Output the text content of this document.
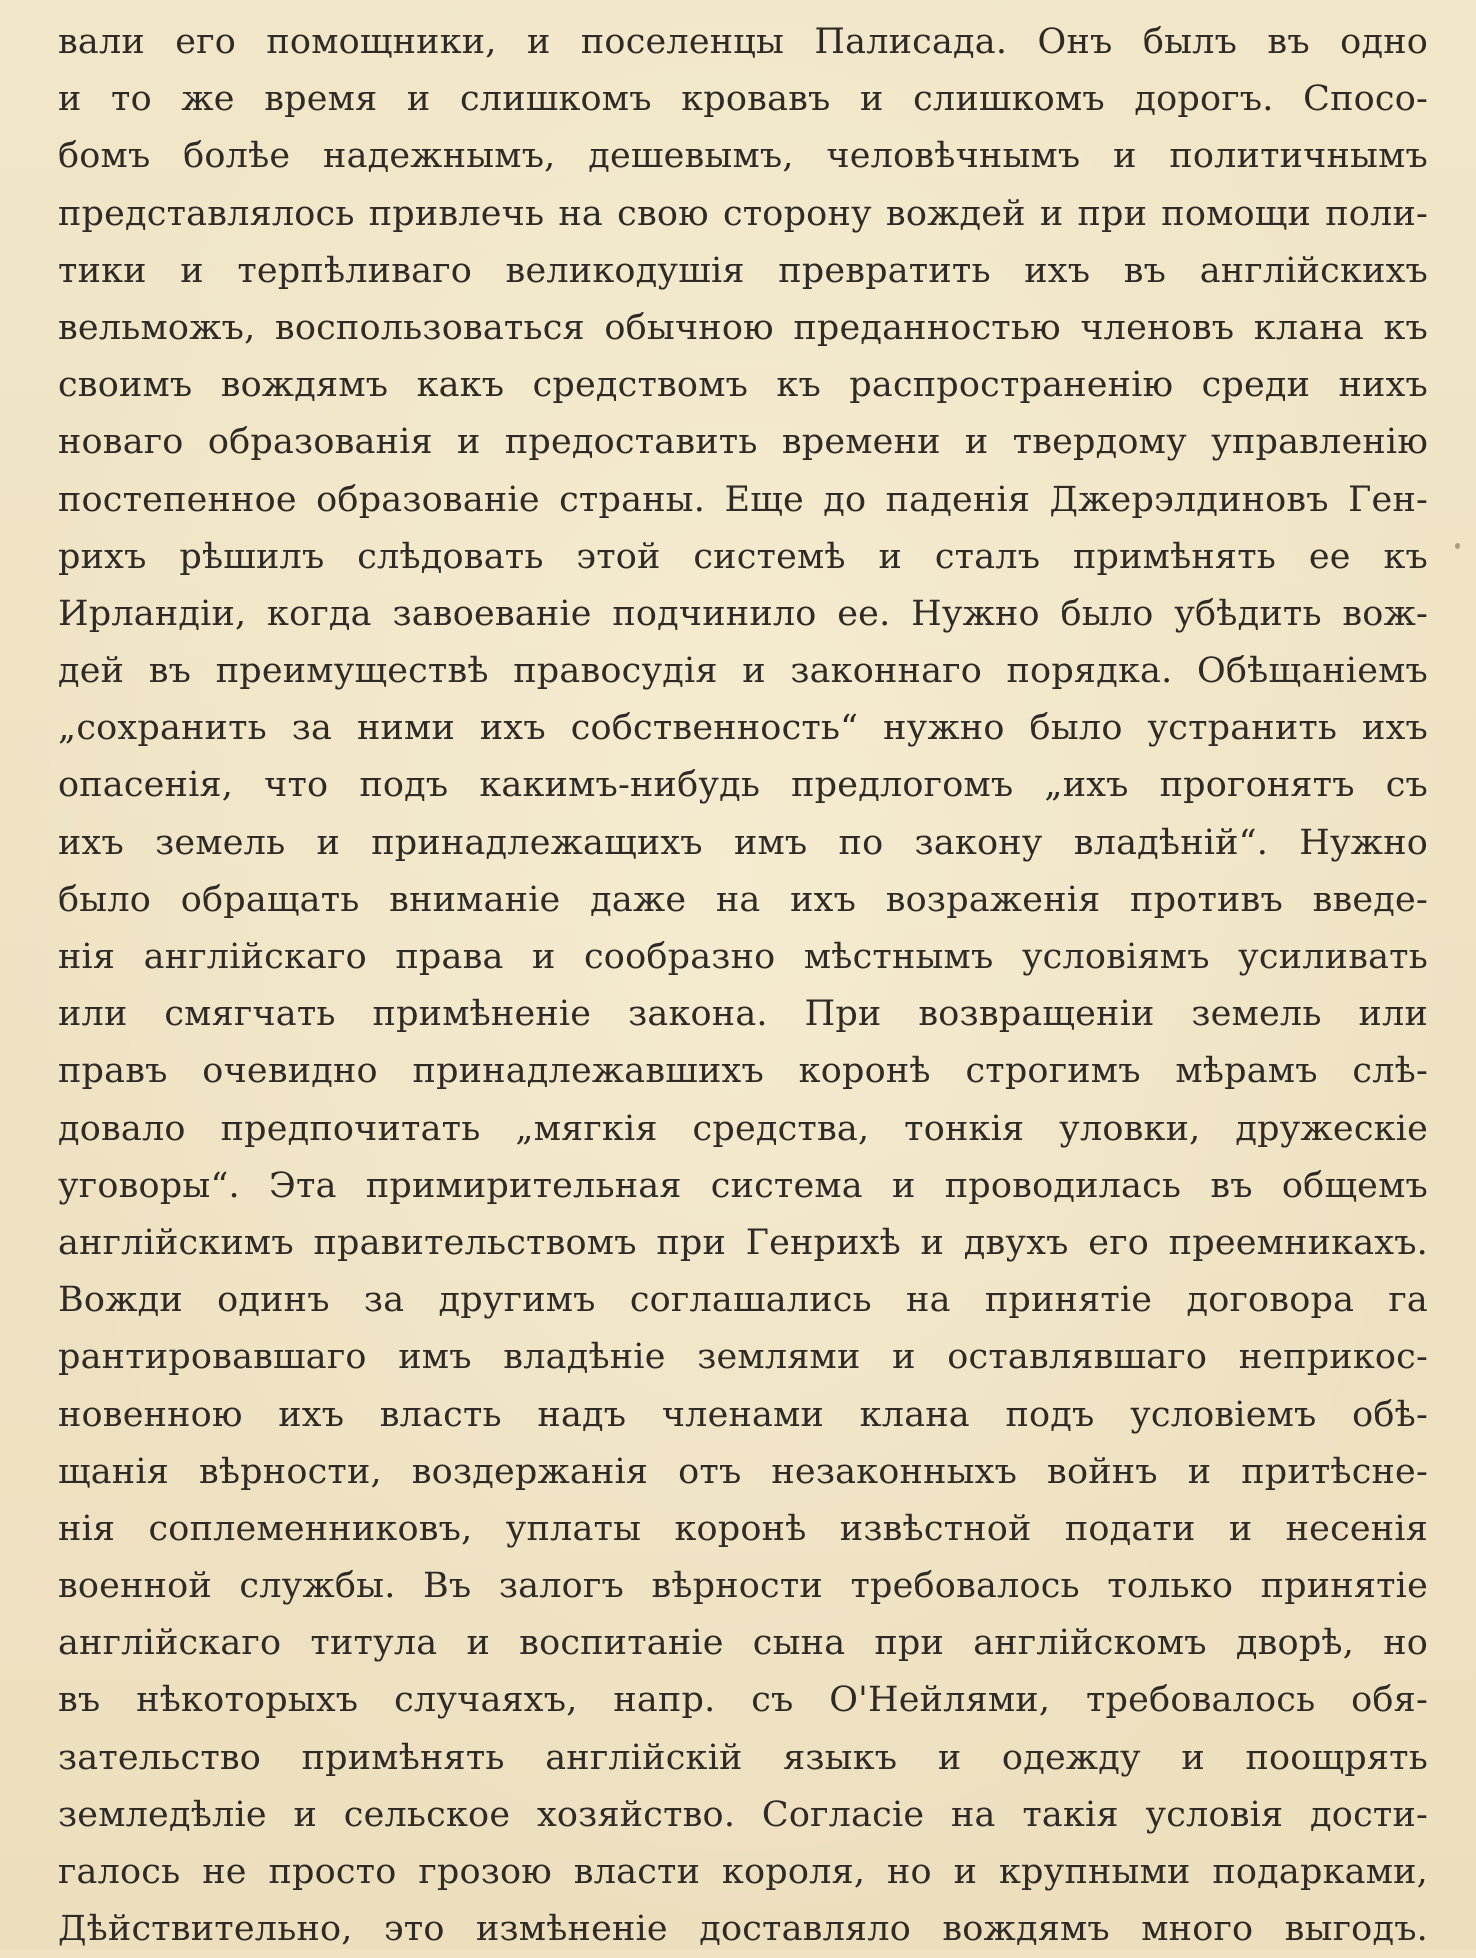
вали его помощники, и поселенцы Палисада. Онъ былъ въ одно
и то же время и слишкомъ кровавъ и слишкомъ дорогъ. Спосо-
бомъ болѣе надежнымъ, дешевымъ, человѣчнымъ и политичнымъ
представлялось привлечь на свою сторону вождей и при помощи поли-
тики и терпѣливаго великодушія превратить ихъ въ англійскихъ
вельможъ, воспользоваться обычною преданностью членовъ клана къ
своимъ вождямъ какъ средствомъ къ распространенію среди нихъ
новаго образованія и предоставить времени и твердому управленію
постепенное образованіе страны. Еще до паденія Джерэлдиновъ Ген-
рихъ рѣшилъ слѣдовать этой системѣ и сталъ примѣнять ее къ
Ирландіи, когда завоеваніе подчинило ее. Нужно было убѣдить вож-
дей въ преимуществѣ правосудія и законнаго порядка. Обѣщаніемъ
„сохранить за ними ихъ собственность“ нужно было устранить ихъ
опасенія, что подъ какимъ-нибудь предлогомъ „ихъ прогонятъ съ
ихъ земель и принадлежащихъ имъ по закону владѣній“. Нужно
было обращать вниманіе даже на ихъ возраженія противъ введе-
нія англійскаго права и сообразно мѣстнымъ условіямъ усиливать
или смягчать примѣненіе закона. При возвращеніи земель или
правъ очевидно принадлежавшихъ коронѣ строгимъ мѣрамъ слѣ-
довало предпочитать „мягкія средства, тонкія уловки, дружескіе
уговоры“. Эта примирительная система и проводилась въ общемъ
англійскимъ правительствомъ при Генрихѣ и двухъ его преемникахъ.
Вожди одинъ за другимъ соглашались на принятіе договора га
рантировавшаго имъ владѣніе землями и оставлявшаго неприкос-
новенною ихъ власть надъ членами клана подъ условіемъ обѣ-
щанія вѣрности, воздержанія отъ незаконныхъ войнъ и притѣсне-
нія соплеменниковъ, уплаты коронѣ извѣстной подати и несенія
военной службы. Въ залогъ вѣрности требовалось только принятіе
англійскаго титула и воспитаніе сына при англійскомъ дворѣ, но
въ нѣкоторыхъ случаяхъ, напр. съ О'Нейлями, требовалось обя-
зательство примѣнять англійскій языкъ и одежду и поощрять
земледѣліе и сельское хозяйство. Согласіе на такія условія дости-
галось не просто грозою власти короля, но и крупными подарками,
Дѣйствительно, это измѣненіе доставляло вождямъ много выгодъ.
